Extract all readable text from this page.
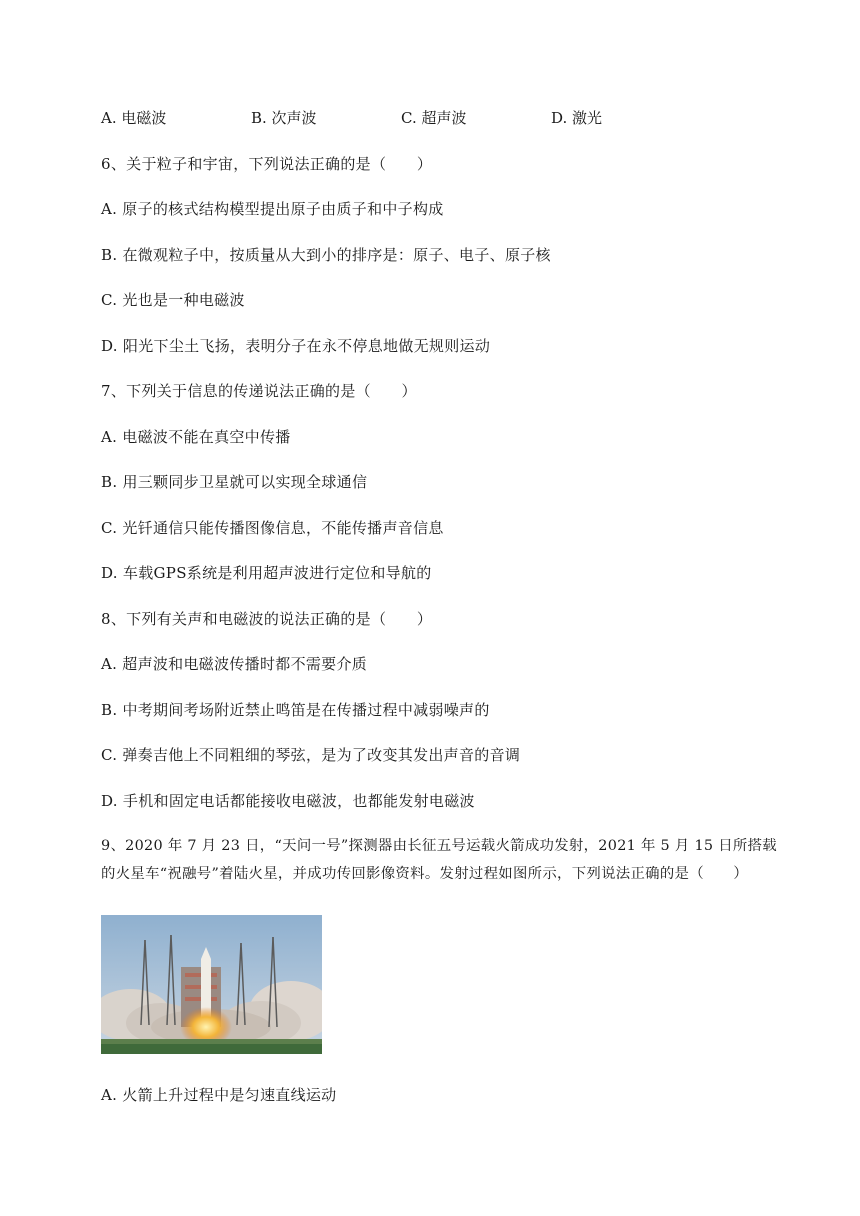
A. 电磁波	B. 次声波	C. 超声波	D. 激光
6、关于粒子和宇宙，下列说法正确的是（　　）
A. 原子的核式结构模型提出原子由质子和中子构成
B. 在微观粒子中，按质量从大到小的排序是：原子、电子、原子核
C. 光也是一种电磁波
D. 阳光下尘土飞扬，表明分子在永不停息地做无规则运动
7、下列关于信息的传递说法正确的是（　　）
A. 电磁波不能在真空中传播
B. 用三颗同步卫星就可以实现全球通信
C. 光钎通信只能传播图像信息，不能传播声音信息
D. 车载GPS系统是利用超声波进行定位和导航的
8、下列有关声和电磁波的说法正确的是（　　）
A. 超声波和电磁波传播时都不需要介质
B. 中考期间考场附近禁止鸣笛是在传播过程中减弱噪声的
C. 弹奏吉他上不同粗细的琴弦，是为了改变其发出声音的音调
D. 手机和固定电话都能接收电磁波，也都能发射电磁波
9、2020 年 7 月 23 日，“天问一号”探测器由长征五号运载火箭成功发射，2021 年 5 月 15 日所搭载
的火星车“祝融号”着陆火星，并成功传回影像资料。发射过程如图所示，下列说法正确的是（　　）
A. 火箭上升过程中是匀速直线运动
